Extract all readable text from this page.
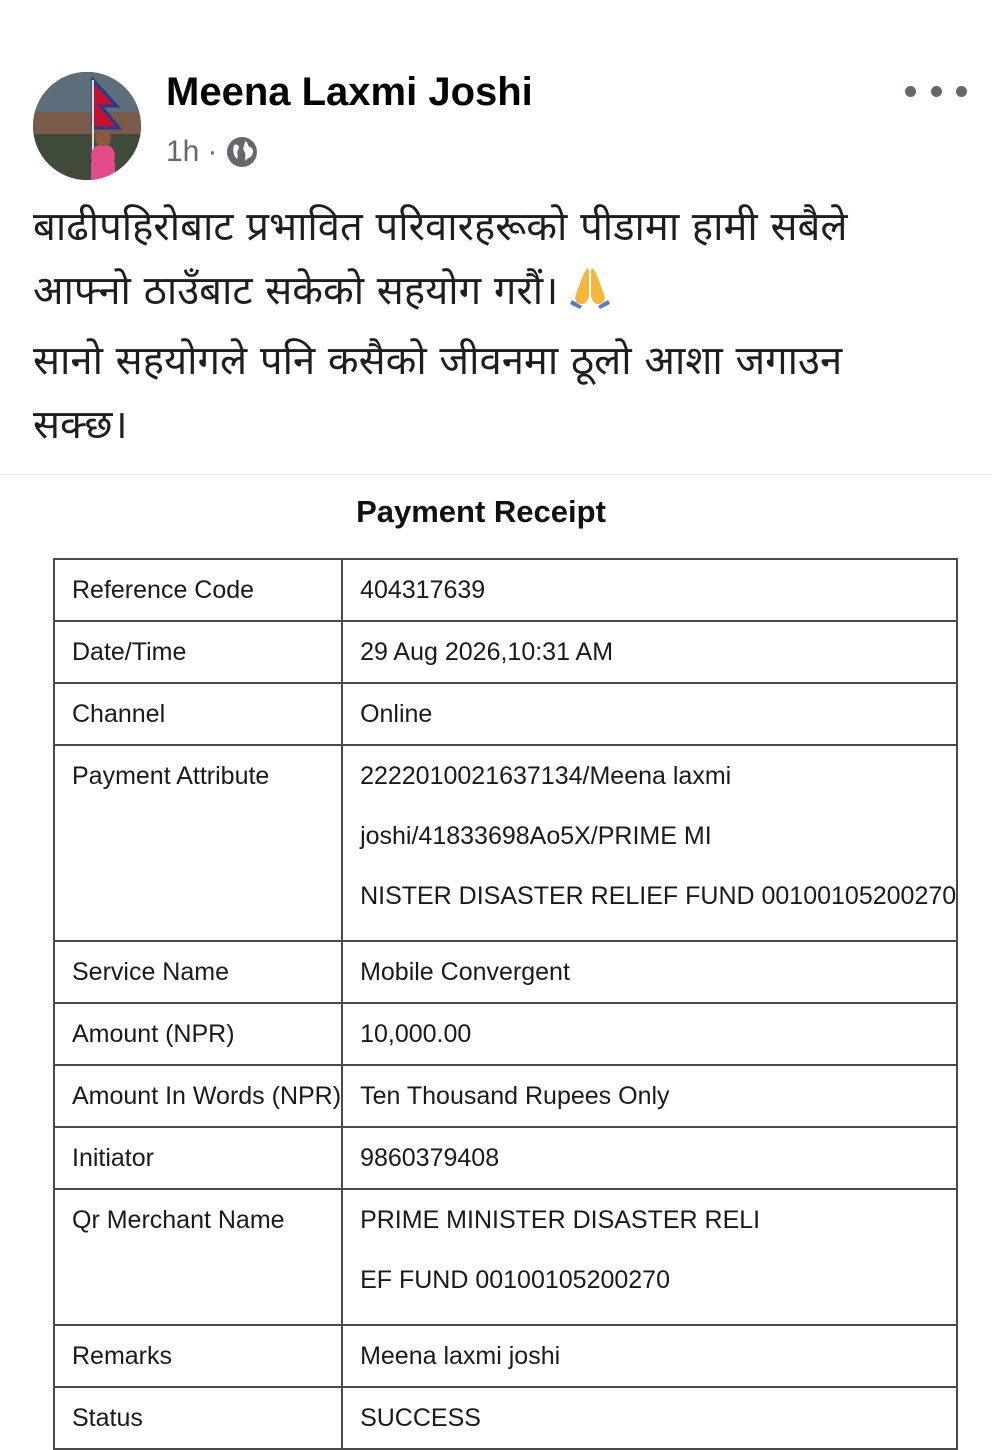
Meena Laxmi Joshi
1h ·

बाढीपहिरोबाट प्रभावित परिवारहरूको पीडामा हामी सबैले

आफ्नो ठाउँबाट सकेको सहयोग गरौं।

सानो सहयोगले पनि कसैको जीवनमा ठूलो आशा जगाउन

सक्छ।

Payment Receipt
Reference Code	404317639
Date/Time	29 Aug 2026,10:31 AM
Channel	Online
Payment Attribute	2222010021637134/Meena laxmi
joshi/41833698Ao5X/PRIME MI
NISTER DISASTER RELIEF FUND 00100105200270

Service Name	Mobile Convergent
Amount (NPR)	10,000.00
Amount In Words (NPR)	Ten Thousand Rupees Only
Initiator	9860379408
Qr Merchant Name	PRIME MINISTER DISASTER RELI
EF FUND 00100105200270

Remarks	Meena laxmi joshi
Status	SUCCESS
